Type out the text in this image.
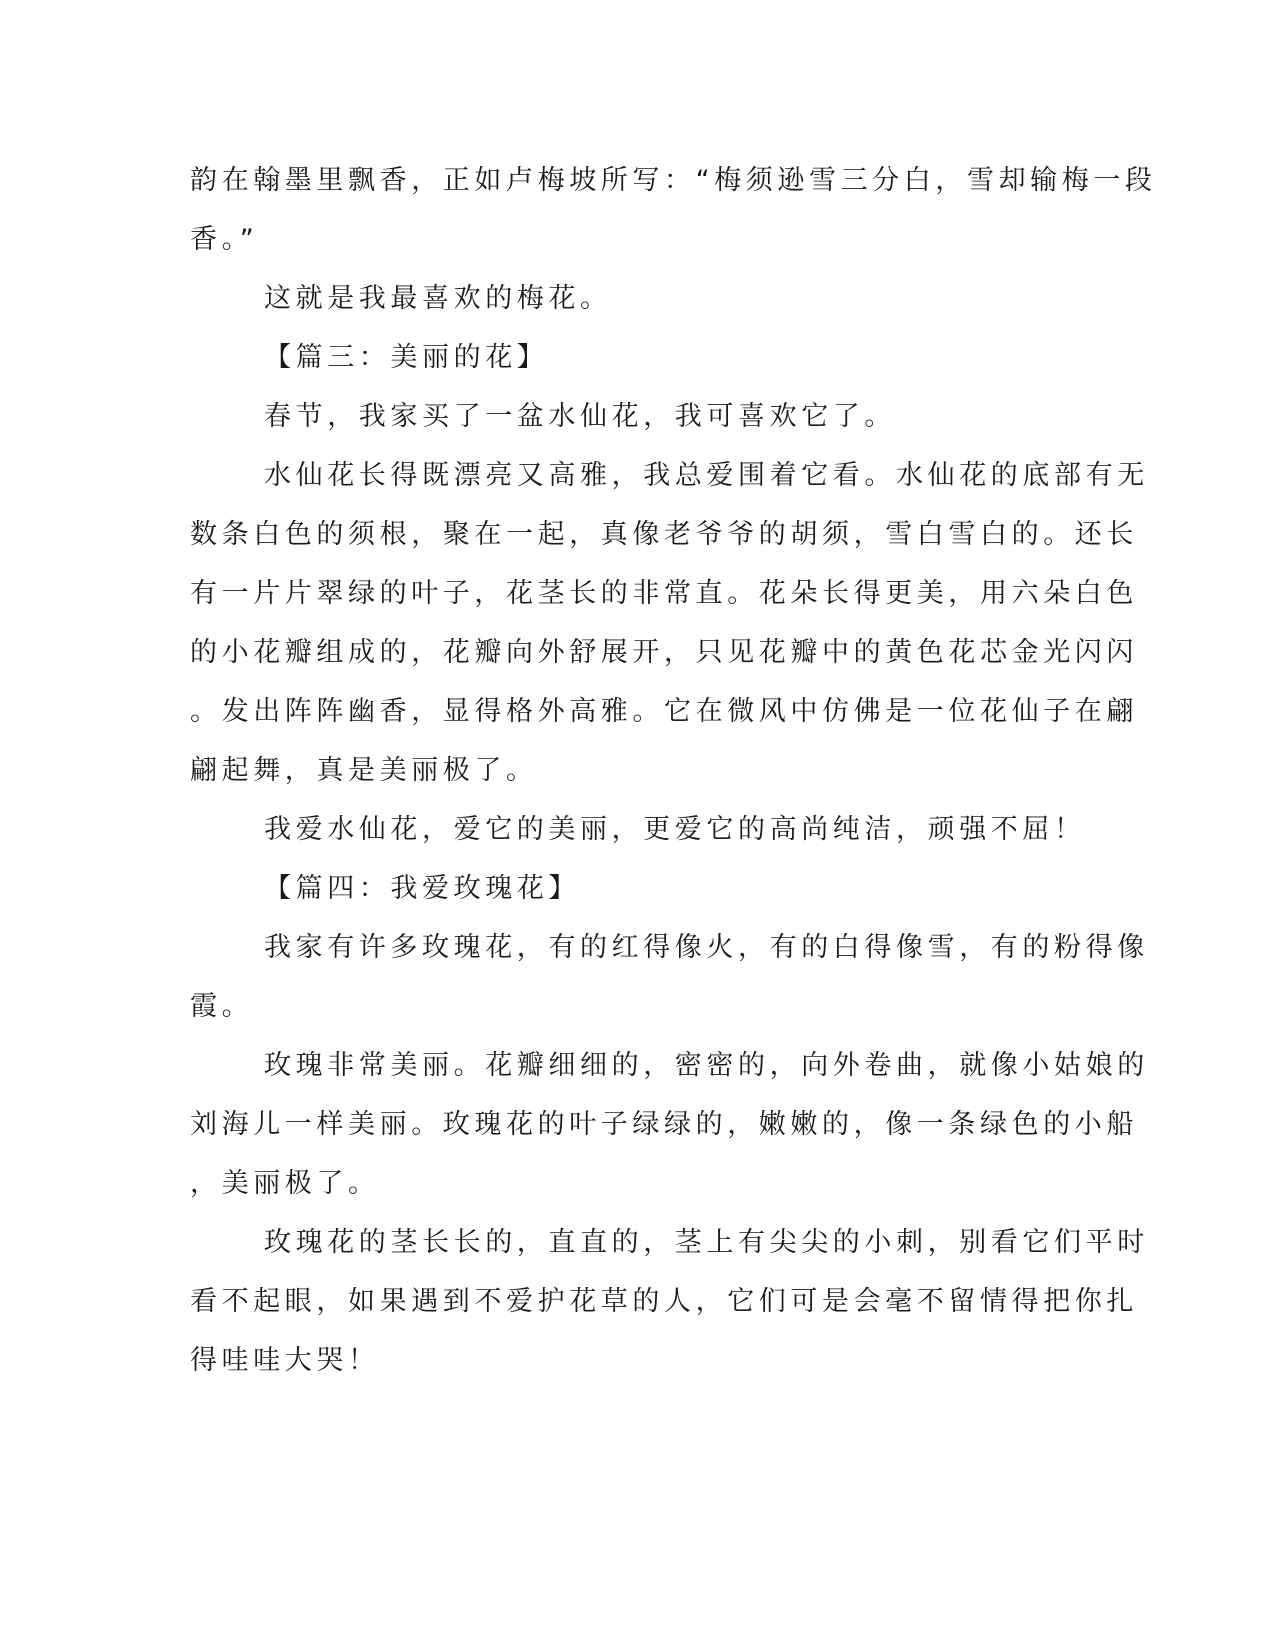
韵在翰墨里飘香，正如卢梅坡所写：“梅须逊雪三分白，雪却输梅一段
香。”
这就是我最喜欢的梅花。
【篇三：美丽的花】
春节，我家买了一盆水仙花，我可喜欢它了。
水仙花长得既漂亮又高雅，我总爱围着它看。水仙花的底部有无
数条白色的须根，聚在一起，真像老爷爷的胡须，雪白雪白的。还长
有一片片翠绿的叶子，花茎长的非常直。花朵长得更美，用六朵白色
的小花瓣组成的，花瓣向外舒展开，只见花瓣中的黄色花芯金光闪闪
。发出阵阵幽香，显得格外高雅。它在微风中仿佛是一位花仙子在翩
翩起舞，真是美丽极了。
我爱水仙花，爱它的美丽，更爱它的高尚纯洁，顽强不屈！
【篇四：我爱玫瑰花】
我家有许多玫瑰花，有的红得像火，有的白得像雪，有的粉得像
霞。
玫瑰非常美丽。花瓣细细的，密密的，向外卷曲，就像小姑娘的
刘海儿一样美丽。玫瑰花的叶子绿绿的，嫩嫩的，像一条绿色的小船
，美丽极了。
玫瑰花的茎长长的，直直的，茎上有尖尖的小刺，别看它们平时
看不起眼，如果遇到不爱护花草的人，它们可是会毫不留情得把你扎
得哇哇大哭！
